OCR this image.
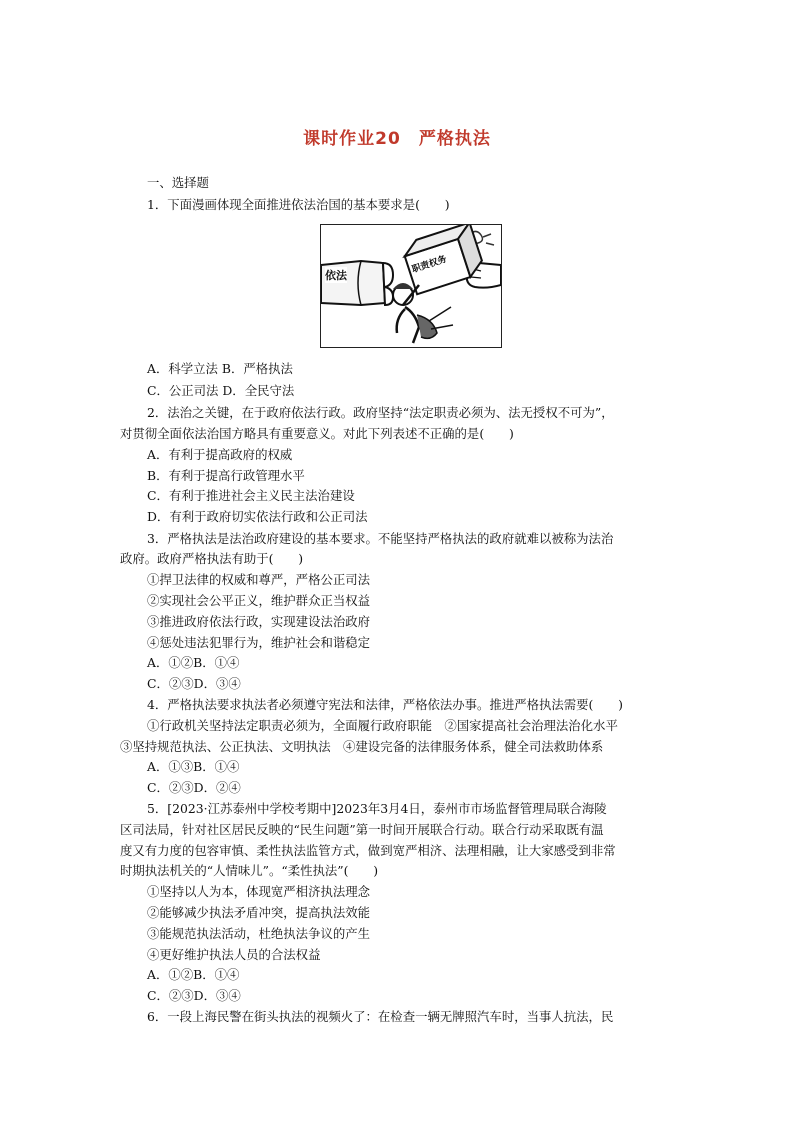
课时作业20　严格执法
一、选择题
1．下面漫画体现全面推进依法治国的基本要求是(　　)
依法
职责权务
A．科学立法 B．严格执法
C．公正司法 D．全民守法
2．法治之关键，在于政府依法行政。政府坚持“法定职责必须为、法无授权不可为”，
对贯彻全面依法治国方略具有重要意义。对此下列表述不正确的是(　　)
A．有利于提高政府的权威
B．有利于提高行政管理水平
C．有利于推进社会主义民主法治建设
D．有利于政府切实依法行政和公正司法
3．严格执法是法治政府建设的基本要求。不能坚持严格执法的政府就难以被称为法治
政府。政府严格执法有助于(　　)
①捍卫法律的权威和尊严，严格公正司法
②实现社会公平正义，维护群众正当权益
③推进政府依法行政，实现建设法治政府
④惩处违法犯罪行为，维护社会和谐稳定
A．①②B．①④
C．②③D．③④
4．严格执法要求执法者必须遵守宪法和法律，严格依法办事。推进严格执法需要(　　)
①行政机关坚持法定职责必须为，全面履行政府职能　②国家提高社会治理法治化水平
③坚持规范执法、公正执法、文明执法　④建设完备的法律服务体系，健全司法救助体系
A．①③B．①④
C．②③D．②④
5．[2023·江苏泰州中学校考期中]2023年3月4日，泰州市市场监督管理局联合海陵
区司法局，针对社区居民反映的“民生问题”第一时间开展联合行动。联合行动采取既有温
度又有力度的包容审慎、柔性执法监管方式，做到宽严相济、法理相融，让大家感受到非常
时期执法机关的“人情味儿”。“柔性执法”(　　)
①坚持以人为本，体现宽严相济执法理念
②能够减少执法矛盾冲突，提高执法效能
③能规范执法活动，杜绝执法争议的产生
④更好维护执法人员的合法权益
A．①②B．①④
C．②③D．③④
6．一段上海民警在街头执法的视频火了：在检查一辆无牌照汽车时，当事人抗法，民
